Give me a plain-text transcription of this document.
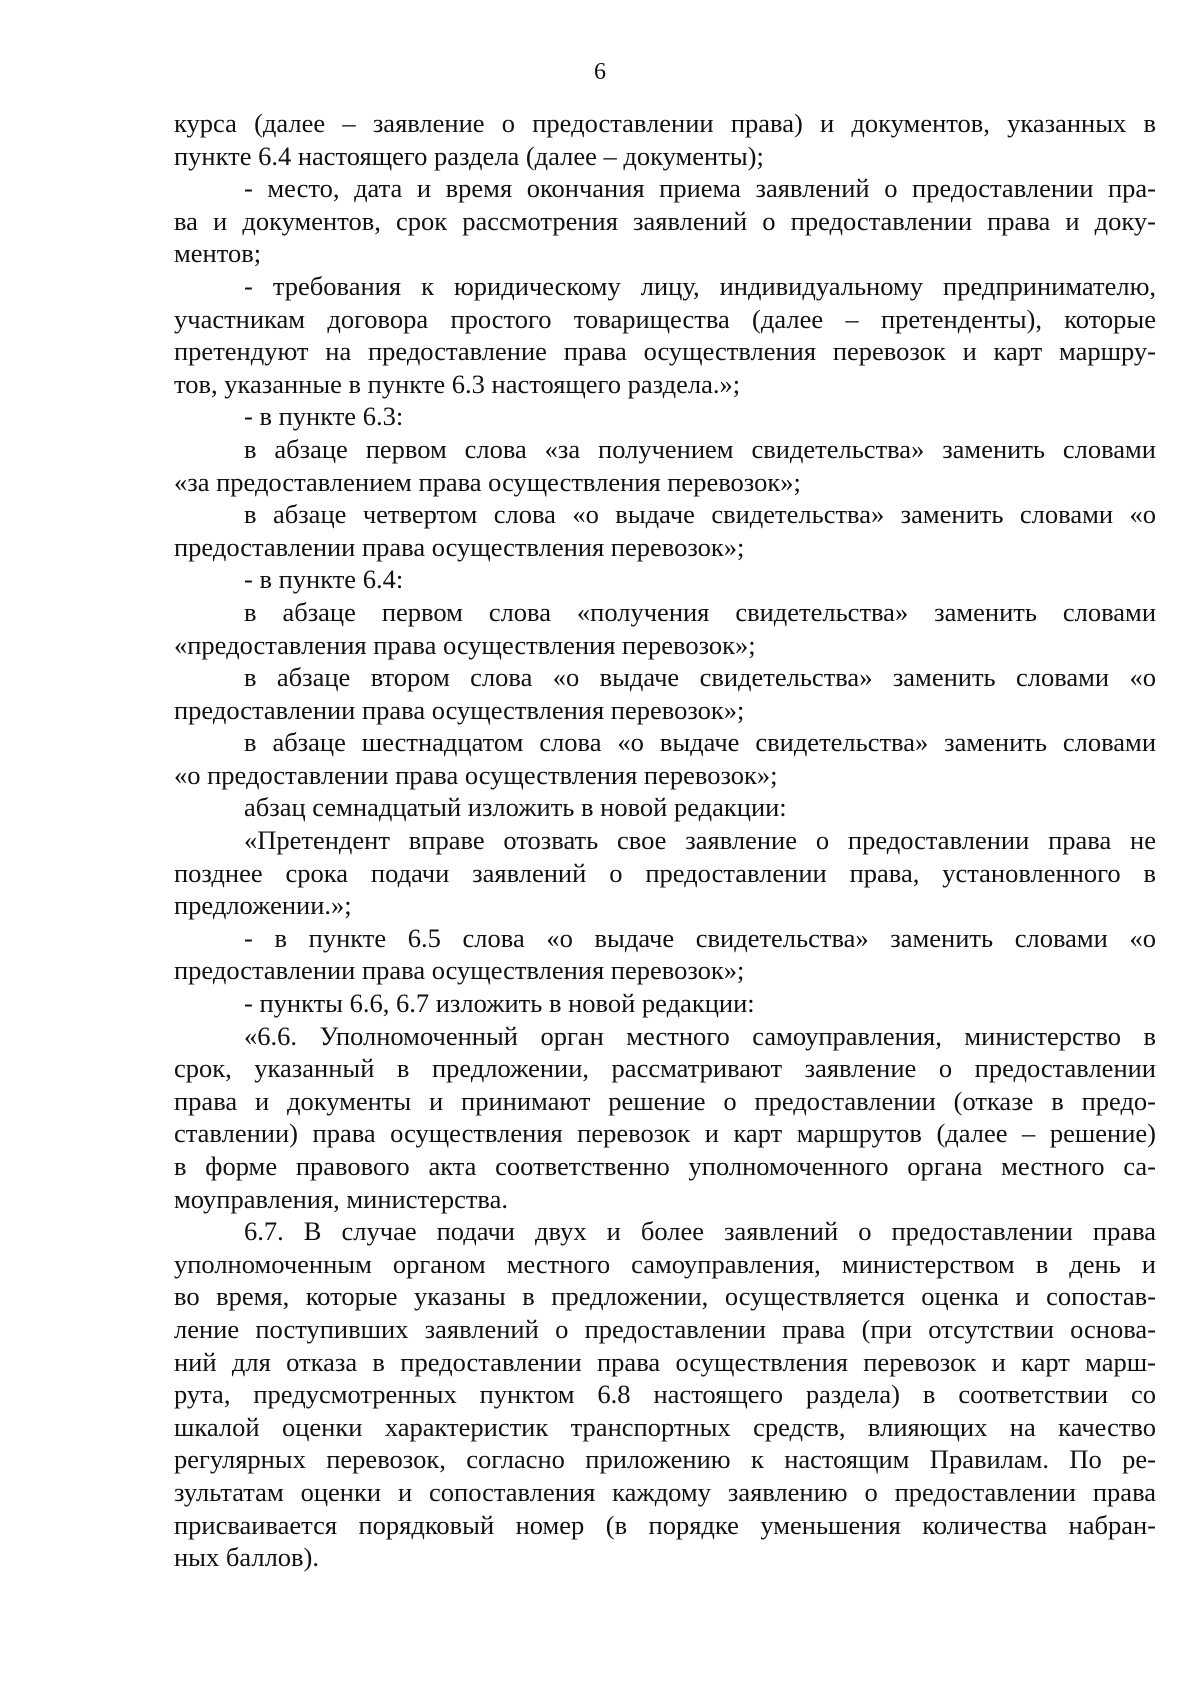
6
курса (далее – заявление о предоставлении права) и документов, указанных в
пункте 6.4 настоящего раздела (далее – документы);
- место, дата и время окончания приема заявлений о предоставлении пра-
ва и документов, срок рассмотрения заявлений о предоставлении права и доку-
ментов;
- требования к юридическому лицу, индивидуальному предпринимателю,
участникам договора простого товарищества (далее – претенденты), которые
претендуют на предоставление права осуществления перевозок и карт маршру-
тов, указанные в пункте 6.3 настоящего раздела.»;
- в пункте 6.3:
в абзаце первом слова «за получением свидетельства» заменить словами
«за предоставлением права осуществления перевозок»;
в абзаце четвертом слова «о выдаче свидетельства» заменить словами «о
предоставлении права осуществления перевозок»;
- в пункте 6.4:
в абзаце первом слова «получения свидетельства» заменить словами
«предоставления права осуществления перевозок»;
в абзаце втором слова «о выдаче свидетельства» заменить словами «о
предоставлении права осуществления перевозок»;
в абзаце шестнадцатом слова «о выдаче свидетельства» заменить словами
«о предоставлении права осуществления перевозок»;
абзац семнадцатый изложить в новой редакции:
«Претендент вправе отозвать свое заявление о предоставлении права не
позднее срока подачи заявлений о предоставлении права, установленного в
предложении.»;
- в пункте 6.5 слова «о выдаче свидетельства» заменить словами «о
предоставлении права осуществления перевозок»;
- пункты 6.6, 6.7 изложить в новой редакции:
«6.6. Уполномоченный орган местного самоуправления, министерство в
срок, указанный в предложении, рассматривают заявление о предоставлении
права и документы и принимают решение о предоставлении (отказе в предо-
ставлении) права осуществления перевозок и карт маршрутов (далее – решение)
в форме правового акта соответственно уполномоченного органа местного са-
моуправления, министерства.
6.7. В случае подачи двух и более заявлений о предоставлении права
уполномоченным органом местного самоуправления, министерством в день и
во время, которые указаны в предложении, осуществляется оценка и сопостав-
ление поступивших заявлений о предоставлении права (при отсутствии основа-
ний для отказа в предоставлении права осуществления перевозок и карт марш-
рута, предусмотренных пунктом 6.8 настоящего раздела) в соответствии со
шкалой оценки характеристик транспортных средств, влияющих на качество
регулярных перевозок, согласно приложению к настоящим Правилам. По ре-
зультатам оценки и сопоставления каждому заявлению о предоставлении права
присваивается порядковый номер (в порядке уменьшения количества набран-
ных баллов).
